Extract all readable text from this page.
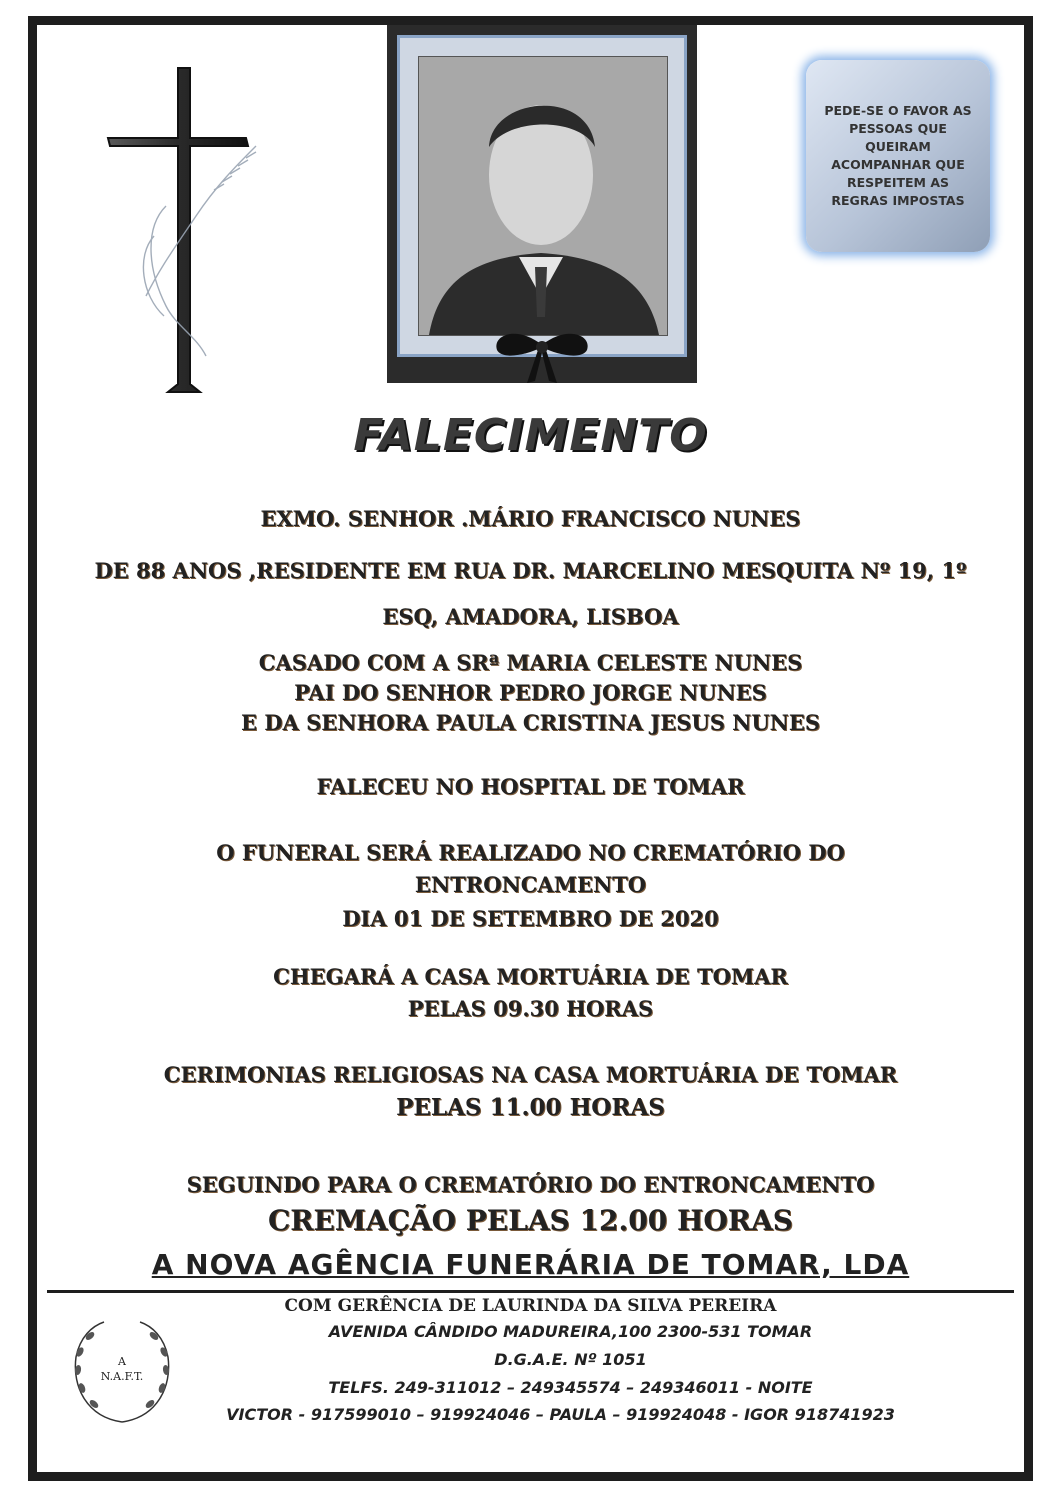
PEDE-SE O FAVOR AS PESSOAS QUE QUEIRAM ACOMPANHAR QUE RESPEITEM AS REGRAS IMPOSTAS

FALECIMENTO
EXMO. SENHOR .MÁRIO FRANCISCO NUNES
DE 88 ANOS ,RESIDENTE EM RUA DR. MARCELINO MESQUITA Nº 19, 1º
ESQ, AMADORA, LISBOA
CASADO COM A SRª MARIA CELESTE NUNES
PAI DO SENHOR PEDRO JORGE NUNES
E DA SENHORA PAULA CRISTINA JESUS NUNES
FALECEU NO HOSPITAL DE TOMAR
O FUNERAL SERÁ REALIZADO NO CREMATÓRIO DO
ENTRONCAMENTO
DIA 01 DE SETEMBRO DE 2020
CHEGARÁ A CASA MORTUÁRIA DE TOMAR
PELAS 09.30 HORAS
CERIMONIAS RELIGIOSAS NA CASA MORTUÁRIA DE TOMAR
PELAS 11.00 HORAS
SEGUINDO PARA O CREMATÓRIO DO ENTRONCAMENTO
CREMAÇÃO PELAS 12.00 HORAS
A NOVA AGÊNCIA FUNERÁRIA DE TOMAR, LDA
A
N.A.F.T.
COM GERÊNCIA DE LAURINDA DA SILVA PEREIRA
AVENIDA CÂNDIDO MADUREIRA,100 2300-531 TOMAR
D.G.A.E. Nº 1051
TELFS. 249-311012 – 249345574 – 249346011 - NOITE
VICTOR - 917599010 – 919924046 – PAULA – 919924048 - IGOR 918741923
